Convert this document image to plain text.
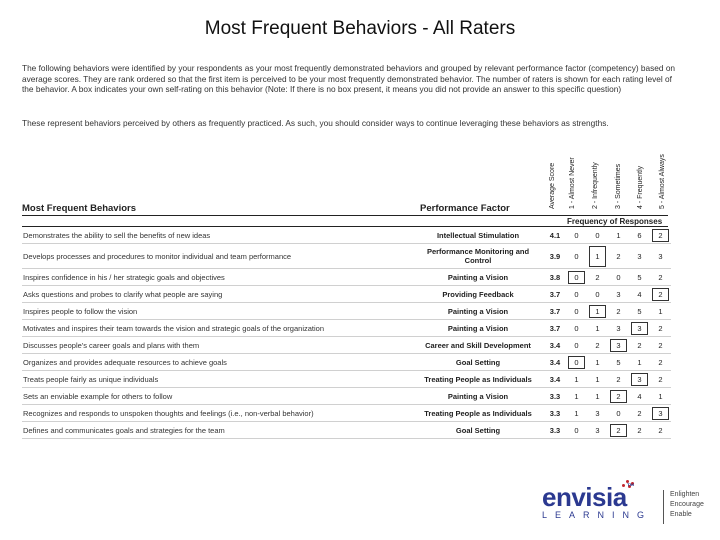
Most Frequent Behaviors - All Raters

The following behaviors were identified by your respondents as your most frequently demonstrated behaviors and grouped by relevant performance factor (competency) based on average scores. They are rank ordered so that the first item is perceived to be your most frequently demonstrated behavior. The number of raters is shown for each rating level of the behavior. A box indicates your own self-rating on this behavior (Note: If there is no box present, it means you did not provide an answer to this specific question)

These represent behaviors perceived by others as frequently practiced. As such, you should consider ways to continue leveraging these behaviors as strengths.

Average Score 1 - Almost Never 2 - Infrequently 3 - Sometimes 4 - Frequently 5 - Almost Always
Most Frequent Behaviors	Performance Factor
Frequency of Responses
Demonstrates the ability to sell the benefits of new ideas	Intellectual Stimulation	4.1	0	0	1	6	2
Develops processes and procedures to monitor individual and team performance	Performance Monitoring and Control	3.9	0	1	2	3	3
Inspires confidence in his / her strategic goals and objectives	Painting a Vision	3.8	0	2	0	5	2
Asks questions and probes to clarify what people are saying	Providing Feedback	3.7	0	0	3	4	2
Inspires people to follow the vision	Painting a Vision	3.7	0	1	2	5	1
Motivates and inspires their team towards the vision and strategic goals of the organization	Painting a Vision	3.7	0	1	3	3	2
Discusses people's career goals and plans with them	Career and Skill Development	3.4	0	2	3	2	2
Organizes and provides adequate resources to achieve goals	Goal Setting	3.4	0	1	5	1	2
Treats people fairly as unique individuals	Treating People as Individuals	3.4	1	1	2	3	2
Sets an enviable example for others to follow	Painting a Vision	3.3	1	1	2	4	1
Recognizes and responds to unspoken thoughts and feelings (i.e., non-verbal behavior)	Treating People as Individuals	3.3	1	3	0	2	3
Defines and communicates goals and strategies for the team	Goal Setting	3.3	0	3	2	2	2
envisia™
LEARNING
Enlighten
Encourage
Enable
